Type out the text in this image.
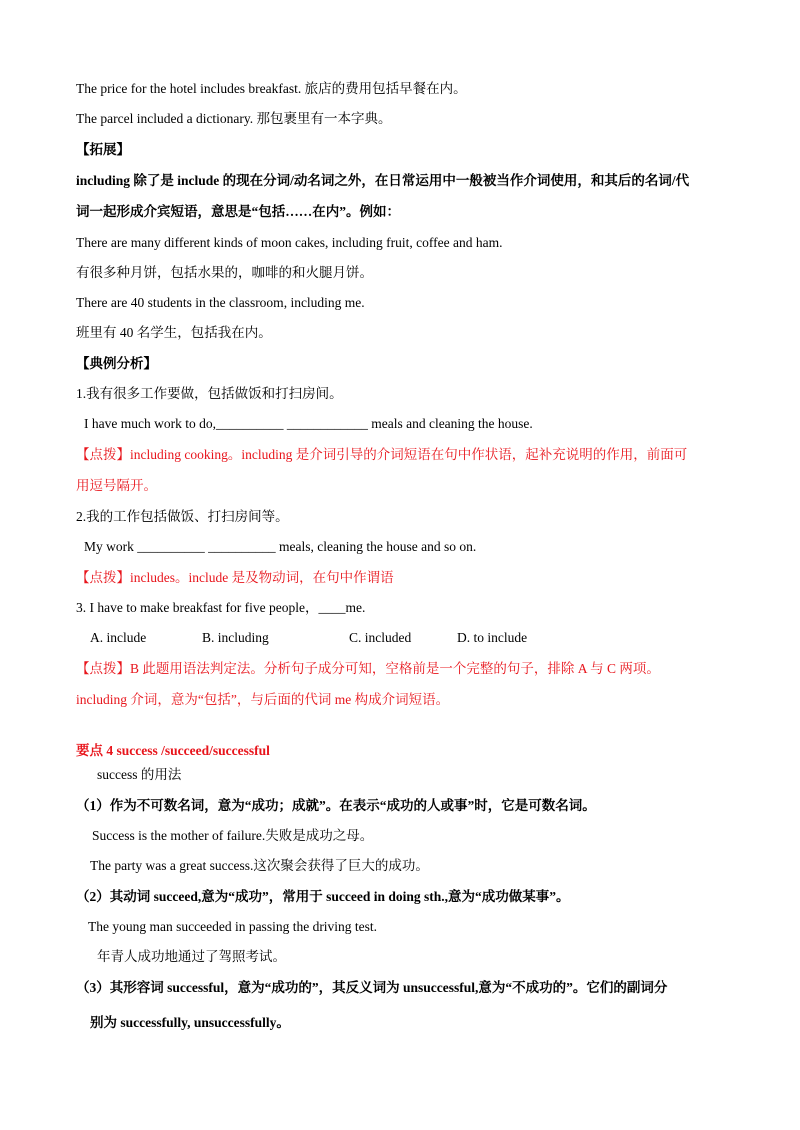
The price for the hotel includes breakfast. 旅店的费用包括早餐在内。
The parcel included a dictionary. 那包裹里有一本字典。
【拓展】
including 除了是 include 的现在分词/动名词之外，在日常运用中一般被当作介词使用，和其后的名词/代
词一起形成介宾短语，意思是“包括……在内”。例如：
There are many different kinds of moon cakes, including fruit, coffee and ham.
有很多种月饼，包括水果的，咖啡的和火腿月饼。
There are 40 students in the classroom, including me.
班里有 40 名学生，包括我在内。
【典例分析】
1.我有很多工作要做，包括做饭和打扫房间。
I have much work to do,__________ ____________ meals and cleaning the house.
【点拨】including cooking。including 是介词引导的介词短语在句中作状语，起补充说明的作用，前面可
用逗号隔开。
2.我的工作包括做饭、打扫房间等。
My work __________ __________ meals, cleaning the house and so on.
【点拨】includes。include 是及物动词，在句中作谓语
3. I have to make breakfast for five people，____me.
A. include	B. including	C. included	D. to include
【点拨】B 此题用语法判定法。分析句子成分可知，空格前是一个完整的句子，排除 A 与 C 两项。
including 介词，意为“包括”，与后面的代词 me 构成介词短语。
要点 4 success /succeed/successful
success 的用法
（1）作为不可数名词，意为“成功；成就”。在表示“成功的人或事”时，它是可数名词。
Success is the mother of failure.失败是成功之母。
The party was a great success.这次聚会获得了巨大的成功。
（2）其动词 succeed,意为“成功”，常用于 succeed in doing sth.,意为“成功做某事”。
The young man succeeded in passing the driving test.
年青人成功地通过了驾照考试。
（3）其形容词 successful，意为“成功的”，其反义词为 unsuccessful,意为“不成功的”。它们的副词分
别为 successfully, unsuccessfully。
